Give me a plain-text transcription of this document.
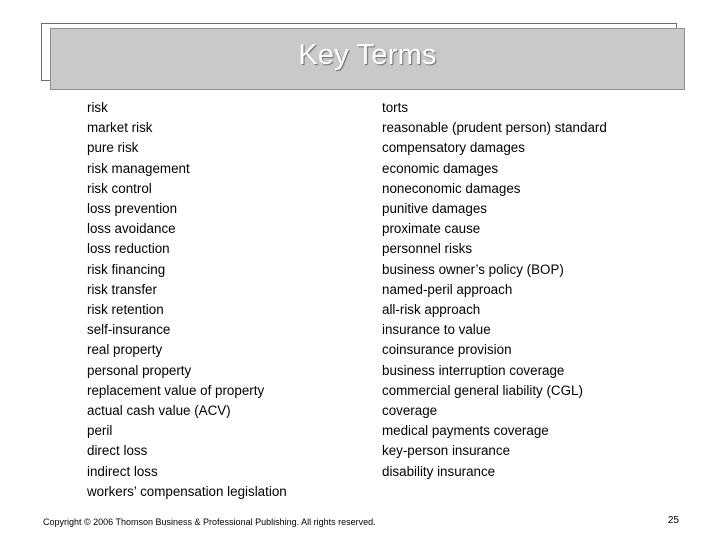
Key Terms
risk
market risk
pure risk
risk management
risk control
loss prevention
loss avoidance
loss reduction
risk financing
risk transfer
risk retention
self-insurance
real property
personal property
replacement value of property
actual cash value (ACV)
peril
direct loss
indirect loss
workers’ compensation legislation
torts
reasonable (prudent person) standard
compensatory damages
economic damages
noneconomic damages
punitive damages
proximate cause
personnel risks
business owner’s policy (BOP)
named-peril approach
all-risk approach
insurance to value
coinsurance provision
business interruption coverage
commercial general liability (CGL)
coverage
medical payments coverage
key-person insurance
disability insurance
Copyright © 2006 Thomson Business & Professional Publishing. All rights reserved.	25
